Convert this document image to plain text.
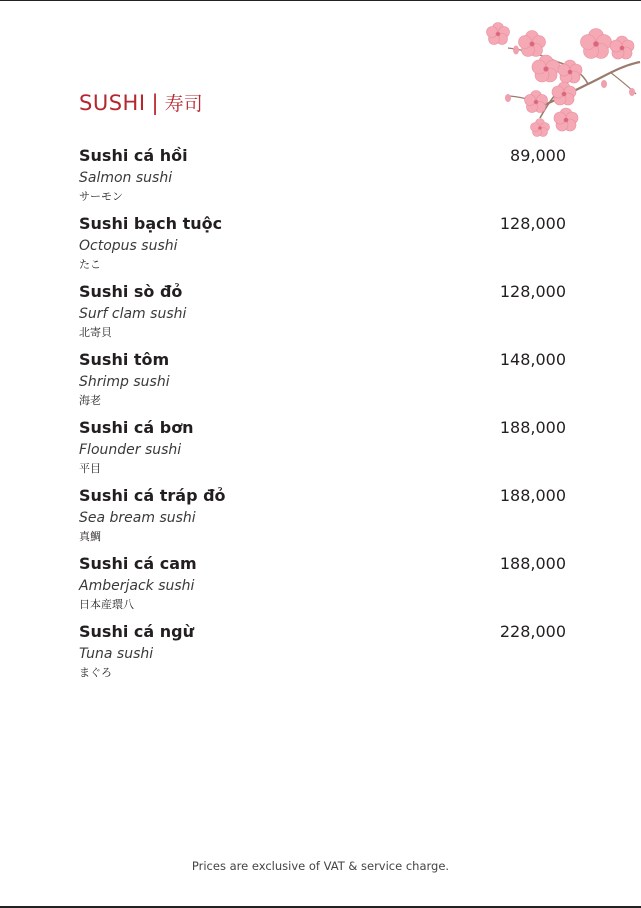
SUSHI | 寿司
Sushi cá hồi	89,000
Salmon sushi
サーモン
Sushi bạch tuộc	128,000
Octopus sushi
たこ
Sushi sò đỏ	128,000
Surf clam sushi
北寄貝
Sushi tôm	148,000
Shrimp sushi
海老
Sushi cá bơn	188,000
Flounder sushi
平目
Sushi cá tráp đỏ	188,000
Sea bream sushi
真鯛
Sushi cá cam	188,000
Amberjack sushi
日本産環八
Sushi cá ngừ	228,000
Tuna sushi
まぐろ
Prices are exclusive of VAT & service charge.
